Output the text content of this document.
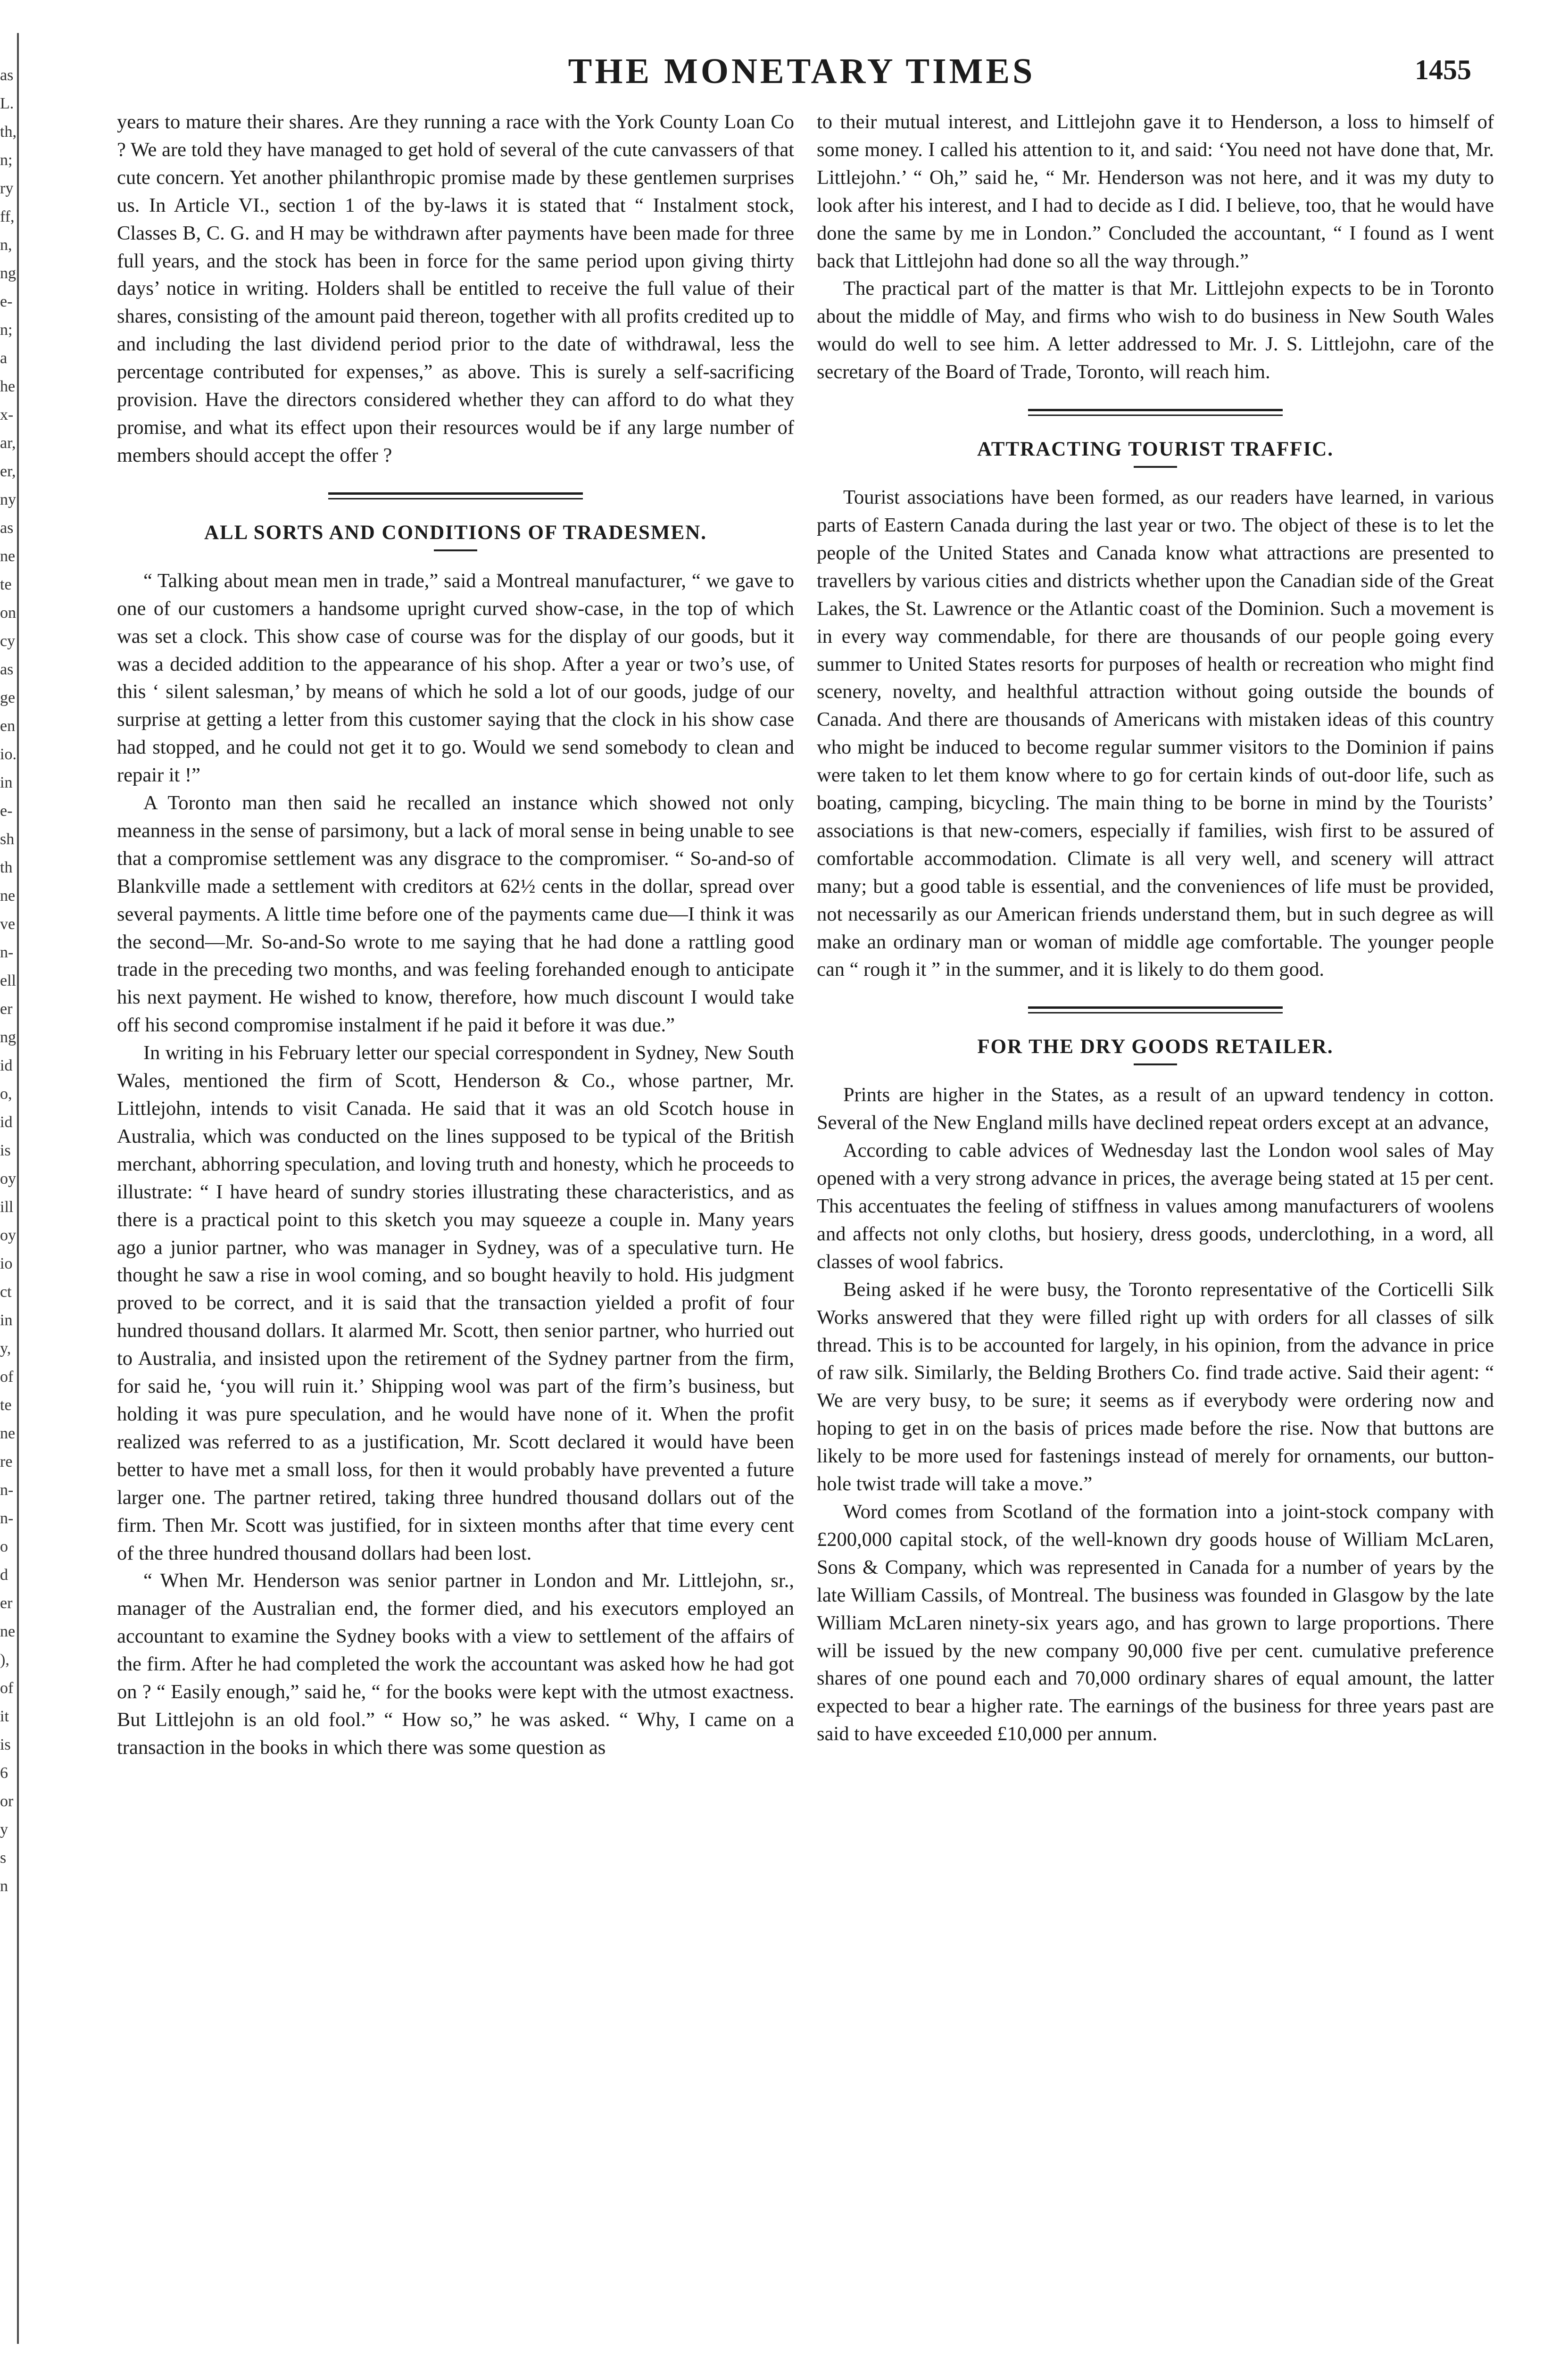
as
L.
th,
n;
ry
ff,
n,
ng
e-
n;
a
he
x-
ar,
er,
ny
as
ne
te
on
cy
as
ge
en
io.
in
e-
sh
th
ne
ve
n-
ell
er
ng
id
o,
id
is
oy
ill
oy
io
ct
in
y,
of
te
ne
re
n-
n-
o
d
er
ne
),
of
it
is
6
or
y
s
n
THE MONETARY TIMES	1455

years to mature their shares. Are they running a race with the York County Loan Co ? We are told they have managed to get hold of several of the cute canvassers of that cute concern. Yet another philanthropic promise made by these gentlemen surprises us. In Article VI., section 1 of the by-laws it is stated that “ Instalment stock, Classes B, C. G. and H may be withdrawn after payments have been made for three full years, and the stock has been in force for the same period upon giving thirty days’ notice in writing. Holders shall be entitled to receive the full value of their shares, consisting of the amount paid thereon, together with all profits credited up to and including the last dividend period prior to the date of withdrawal, less the percentage contributed for expenses,” as above. This is surely a self-sacrificing provision. Have the directors considered whether they can afford to do what they promise, and what its effect upon their resources would be if any large number of members should accept the offer ?

ALL SORTS AND CONDITIONS OF TRADESMEN.

“ Talking about mean men in trade,” said a Montreal manufacturer, “ we gave to one of our customers a handsome upright curved show-case, in the top of which was set a clock. This show case of course was for the display of our goods, but it was a decided addition to the appearance of his shop. After a year or two’s use, of this ‘ silent salesman,’ by means of which he sold a lot of our goods, judge of our surprise at getting a letter from this customer saying that the clock in his show case had stopped, and he could not get it to go. Would we send somebody to clean and repair it !”

A Toronto man then said he recalled an instance which showed not only meanness in the sense of parsimony, but a lack of moral sense in being unable to see that a compromise settlement was any disgrace to the compromiser. “ So-and-so of Blankville made a settlement with creditors at 62½ cents in the dollar, spread over several payments. A little time before one of the payments came due—I think it was the second—Mr. So-and-So wrote to me saying that he had done a rattling good trade in the preceding two months, and was feeling forehanded enough to anticipate his next payment. He wished to know, therefore, how much discount I would take off his second compromise instalment if he paid it before it was due.”

In writing in his February letter our special correspondent in Sydney, New South Wales, mentioned the firm of Scott, Henderson & Co., whose partner, Mr. Littlejohn, intends to visit Canada. He said that it was an old Scotch house in Australia, which was conducted on the lines supposed to be typical of the British merchant, abhorring speculation, and loving truth and honesty, which he proceeds to illustrate: “ I have heard of sundry stories illustrating these characteristics, and as there is a practical point to this sketch you may squeeze a couple in. Many years ago a junior partner, who was manager in Sydney, was of a speculative turn. He thought he saw a rise in wool coming, and so bought heavily to hold. His judgment proved to be correct, and it is said that the transaction yielded a profit of four hundred thousand dollars. It alarmed Mr. Scott, then senior partner, who hurried out to Australia, and insisted upon the retirement of the Sydney partner from the firm, for said he, ‘you will ruin it.’ Shipping wool was part of the firm’s business, but holding it was pure speculation, and he would have none of it. When the profit realized was referred to as a justification, Mr. Scott declared it would have been better to have met a small loss, for then it would probably have prevented a future larger one. The partner retired, taking three hundred thousand dollars out of the firm. Then Mr. Scott was justified, for in sixteen months after that time every cent of the three hundred thousand dollars had been lost.

“ When Mr. Henderson was senior partner in London and Mr. Littlejohn, sr., manager of the Australian end, the former died, and his executors employed an accountant to examine the Sydney books with a view to settlement of the affairs of the firm. After he had completed the work the accountant was asked how he had got on ? “ Easily enough,” said he, “ for the books were kept with the utmost exactness. But Littlejohn is an old fool.” “ How so,” he was asked. “ Why, I came on a transaction in the books in which there was some question as

to their mutual interest, and Littlejohn gave it to Henderson, a loss to himself of some money. I called his attention to it, and said: ‘You need not have done that, Mr. Littlejohn.’ “ Oh,” said he, “ Mr. Henderson was not here, and it was my duty to look after his interest, and I had to decide as I did. I believe, too, that he would have done the same by me in London.” Concluded the accountant, “ I found as I went back that Littlejohn had done so all the way through.”

The practical part of the matter is that Mr. Littlejohn expects to be in Toronto about the middle of May, and firms who wish to do business in New South Wales would do well to see him. A letter addressed to Mr. J. S. Littlejohn, care of the secretary of the Board of Trade, Toronto, will reach him.

ATTRACTING TOURIST TRAFFIC.

Tourist associations have been formed, as our readers have learned, in various parts of Eastern Canada during the last year or two. The object of these is to let the people of the United States and Canada know what attractions are presented to travellers by various cities and districts whether upon the Canadian side of the Great Lakes, the St. Lawrence or the Atlantic coast of the Dominion. Such a movement is in every way commendable, for there are thousands of our people going every summer to United States resorts for purposes of health or recreation who might find scenery, novelty, and healthful attraction without going outside the bounds of Canada. And there are thousands of Americans with mistaken ideas of this country who might be induced to become regular summer visitors to the Dominion if pains were taken to let them know where to go for certain kinds of out-door life, such as boating, camping, bicycling. The main thing to be borne in mind by the Tourists’ associations is that new-comers, especially if families, wish first to be assured of comfortable accommodation. Climate is all very well, and scenery will attract many; but a good table is essential, and the conveniences of life must be provided, not necessarily as our American friends understand them, but in such degree as will make an ordinary man or woman of middle age comfortable. The younger people can “ rough it ” in the summer, and it is likely to do them good.

FOR THE DRY GOODS RETAILER.

Prints are higher in the States, as a result of an upward tendency in cotton. Several of the New England mills have declined repeat orders except at an advance,

According to cable advices of Wednesday last the London wool sales of May opened with a very strong advance in prices, the average being stated at 15 per cent. This accentuates the feeling of stiffness in values among manufacturers of woolens and affects not only cloths, but hosiery, dress goods, underclothing, in a word, all classes of wool fabrics.

Being asked if he were busy, the Toronto representative of the Corticelli Silk Works answered that they were filled right up with orders for all classes of silk thread. This is to be accounted for largely, in his opinion, from the advance in price of raw silk. Similarly, the Belding Brothers Co. find trade active. Said their agent: “ We are very busy, to be sure; it seems as if everybody were ordering now and hoping to get in on the basis of prices made before the rise. Now that buttons are likely to be more used for fastenings instead of merely for ornaments, our button-hole twist trade will take a move.”

Word comes from Scotland of the formation into a joint-stock company with £200,000 capital stock, of the well-known dry goods house of William McLaren, Sons & Company, which was represented in Canada for a number of years by the late William Cassils, of Montreal. The business was founded in Glasgow by the late William McLaren ninety-six years ago, and has grown to large proportions. There will be issued by the new company 90,000 five per cent. cumulative preference shares of one pound each and 70,000 ordinary shares of equal amount, the latter expected to bear a higher rate. The earnings of the business for three years past are said to have exceeded £10,000 per annum.
